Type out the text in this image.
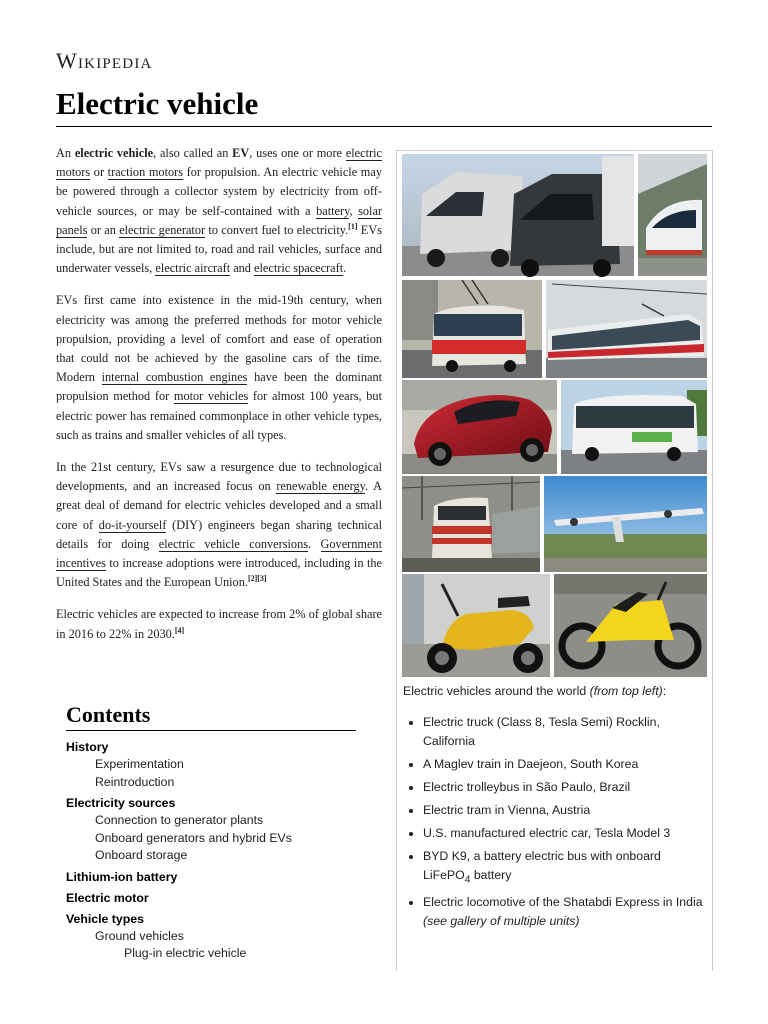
Wikipedia
Electric vehicle

An electric vehicle, also called an EV, uses one or more electric motors or traction motors for propulsion. An electric vehicle may be powered through a collector system by electricity from off-vehicle sources, or may be self-contained with a battery, solar panels or an electric generator to convert fuel to electricity.[1] EVs include, but are not limited to, road and rail vehicles, surface and underwater vessels, electric aircraft and electric spacecraft.

EVs first came into existence in the mid-19th century, when electricity was among the preferred methods for motor vehicle propulsion, providing a level of comfort and ease of operation that could not be achieved by the gasoline cars of the time. Modern internal combustion engines have been the dominant propulsion method for motor vehicles for almost 100 years, but electric power has remained commonplace in other vehicle types, such as trains and smaller vehicles of all types.

In the 21st century, EVs saw a resurgence due to technological developments, and an increased focus on renewable energy. A great deal of demand for electric vehicles developed and a small core of do-it-yourself (DIY) engineers began sharing technical details for doing electric vehicle conversions. Government incentives to increase adoptions were introduced, including in the United States and the European Union.[2][3]

Electric vehicles are expected to increase from 2% of global share in 2016 to 22% in 2030.[4]

Contents
History
Experimentation
Reintroduction
Electricity sources
Connection to generator plants
Onboard generators and hybrid EVs
Onboard storage
Lithium-ion battery
Electric motor
Vehicle types
Ground vehicles
Plug-in electric vehicle

Electric vehicles around the world (from top left):

• Electric truck (Class 8, Tesla Semi) Rocklin, California
• A Maglev train in Daejeon, South Korea
• Electric trolleybus in São Paulo, Brazil
• Electric tram in Vienna, Austria
• U.S. manufactured electric car, Tesla Model 3
• BYD K9, a battery electric bus with onboard LiFePO$_4$ battery
• Electric locomotive of the Shatabdi Express in India (see gallery of multiple units)
